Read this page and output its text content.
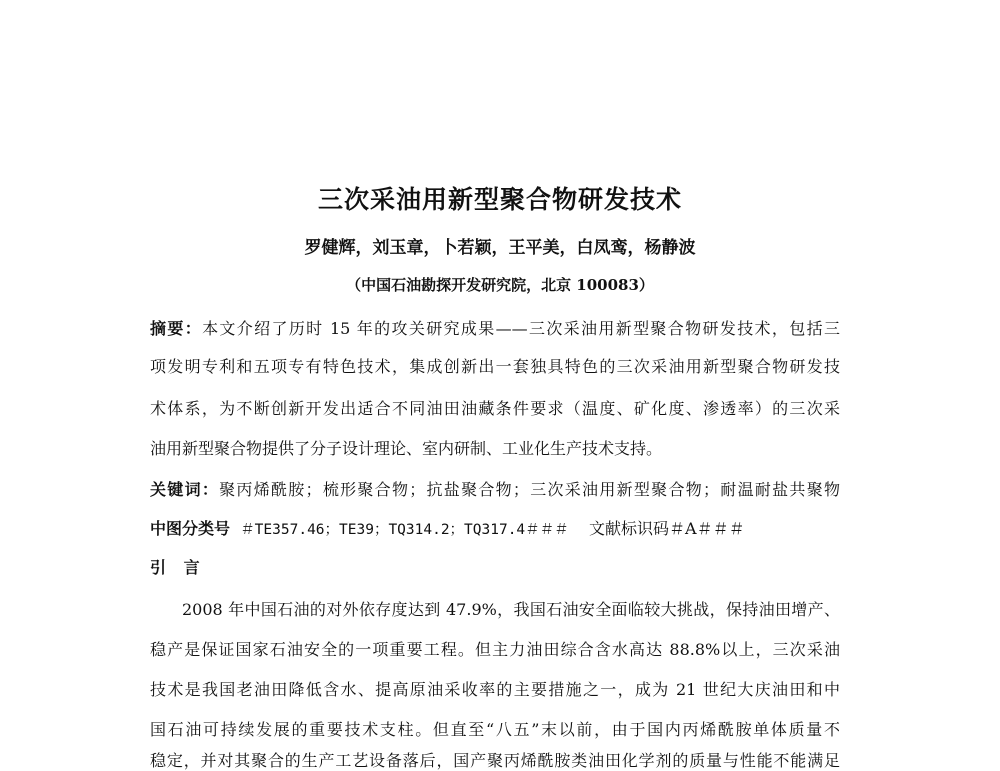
三次采油用新型聚合物研发技术
罗健辉，刘玉章，卜若颖，王平美，白凤鸾，杨静波
（中国石油勘探开发研究院，北京 100083）
摘要：本文介绍了历时 15 年的攻关研究成果——三次采油用新型聚合物研发技术，包括三
项发明专利和五项专有特色技术，集成创新出一套独具特色的三次采油用新型聚合物研发技
术体系，为不断创新开发出适合不同油田油藏条件要求（温度、矿化度、渗透率）的三次采
油用新型聚合物提供了分子设计理论、室内研制、工业化生产技术支持。
关键词：聚丙烯酰胺；梳形聚合物；抗盐聚合物；三次采油用新型聚合物；耐温耐盐共聚物
中图分类号 ＃TE357.46；TE39；TQ314.2；TQ317.4＃＃＃ 文献标识码＃A＃＃＃
引 言
2008 年中国石油的对外依存度达到 47.9%，我国石油安全面临较大挑战，保持油田增产、
稳产是保证国家石油安全的一项重要工程。但主力油田综合含水高达 88.8%以上，三次采油
技术是我国老油田降低含水、提高原油采收率的主要措施之一，成为 21 世纪大庆油田和中
国石油可持续发展的重要技术支柱。但直至“八五”末以前，由于国内丙烯酰胺单体质量不
稳定，并对其聚合的生产工艺设备落后，国产聚丙烯酰胺类油田化学剂的质量与性能不能满足
